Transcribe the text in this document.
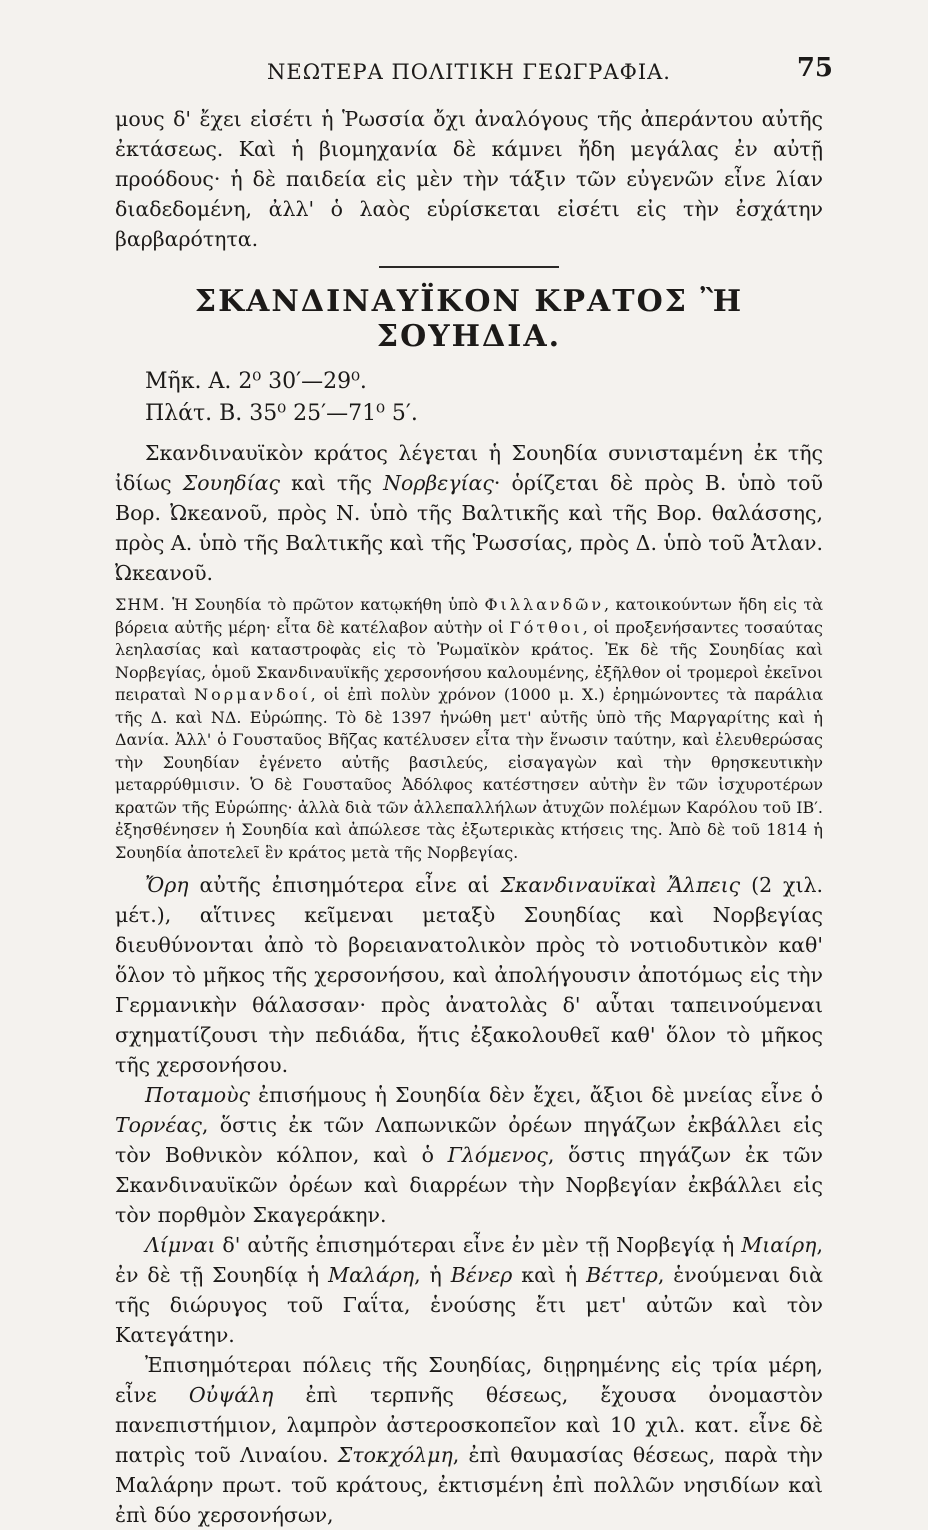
ΝΕΩΤΕΡΑ ΠΟΛΙΤΙΚΗ ΓΕΩΓΡΑΦΙΑ.	75

μους δ' ἔχει εἰσέτι ἡ Ῥωσσία ὄχι ἀναλόγους τῆς ἀπεράντου αὐτῆς ἐκτάσεως. Καὶ ἡ βιομηχανία δὲ κάμνει ἤδη μεγάλας ἐν αὐτῇ προόδους· ἡ δὲ παιδεία εἰς μὲν τὴν τάξιν τῶν εὐγενῶν εἶνε λίαν διαδεδομένη, ἀλλ' ὁ λαὸς εὑρίσκεται εἰσέτι εἰς τὴν ἐσχάτην βαρβαρότητα.

ΣΚΑΝΔΙΝΑΥΪΚΟΝ ΚΡΑΤΟΣ Ἢ ΣΟΥΗΔΙΑ.
Μῆκ. Α. 2⁰ 30′—29⁰.
Πλάτ. Β. 35⁰ 25′—71⁰ 5′.

Σκανδιναυϊκὸν κράτος λέγεται ἡ Σουηδία συνισταμένη ἐκ τῆς ἰδίως Σουηδίας καὶ τῆς Νορβεγίας· ὁρίζεται δὲ πρὸς Β. ὑπὸ τοῦ Βορ. Ὠκεανοῦ, πρὸς Ν. ὑπὸ τῆς Βαλτικῆς καὶ τῆς Βορ. θαλάσσης, πρὸς Α. ὑπὸ τῆς Βαλτικῆς καὶ τῆς Ῥωσσίας, πρὸς Δ. ὑπὸ τοῦ Ἀτλαν. Ὠκεανοῦ.

ΣΗΜ. Ἡ Σουηδία τὸ πρῶτον κατῳκήθη ὑπὸ Φιλλανδῶν, κατοικούντων ἤδη εἰς τὰ βόρεια αὐτῆς μέρη· εἶτα δὲ κατέλαβον αὐτὴν οἱ Γότθοι, οἱ προξενήσαντες τοσαύτας λεηλασίας καὶ καταστροφὰς εἰς τὸ Ῥωμαϊκὸν κράτος. Ἐκ δὲ τῆς Σουηδίας καὶ Νορβεγίας, ὁμοῦ Σκανδιναυϊκῆς χερσονήσου καλουμένης, ἐξῆλθον οἱ τρομεροὶ ἐκεῖνοι πειραταὶ Νορμανδοί, οἱ ἐπὶ πολὺν χρόνον (1000 μ. Χ.) ἐρημώνοντες τὰ παράλια τῆς Δ. καὶ ΝΔ. Εὐρώπης. Τὸ δὲ 1397 ἡνώθη μετ' αὐτῆς ὑπὸ τῆς Μαργαρίτης καὶ ἡ Δανία. Ἀλλ' ὁ Γουσταῦος Βῆζας κατέλυσεν εἶτα τὴν ἕνωσιν ταύτην, καὶ ἐλευθερώσας τὴν Σουηδίαν ἐγένετο αὐτῆς βασιλεύς, εἰσαγαγὼν καὶ τὴν θρησκευτικὴν μεταρρύθμισιν. Ὁ δὲ Γουσταῦος Ἀδόλφος κατέστησεν αὐτὴν ἓν τῶν ἰσχυροτέρων κρατῶν τῆς Εὐρώπης· ἀλλὰ διὰ τῶν ἀλλεπαλλήλων ἀτυχῶν πολέμων Καρόλου τοῦ ΙΒ′. ἐξησθένησεν ἡ Σουηδία καὶ ἀπώλεσε τὰς ἐξωτερικὰς κτήσεις της. Ἀπὸ δὲ τοῦ 1814 ἡ Σουηδία ἀποτελεῖ ἓν κράτος μετὰ τῆς Νορβεγίας.

Ὄρη αὐτῆς ἐπισημότερα εἶνε αἱ Σκανδιναυϊκαὶ Ἄλπεις (2 χιλ. μέτ.), αἵτινες κεῖμεναι μεταξὺ Σουηδίας καὶ Νορβεγίας διευθύνονται ἀπὸ τὸ βορειανατολικὸν πρὸς τὸ νοτιοδυτικὸν καθ' ὅλον τὸ μῆκος τῆς χερσονήσου, καὶ ἀπολήγουσιν ἀποτόμως εἰς τὴν Γερμανικὴν θάλασσαν· πρὸς ἀνατολὰς δ' αὗται ταπεινούμεναι σχηματίζουσι τὴν πεδιάδα, ἥτις ἐξακολουθεῖ καθ' ὅλον τὸ μῆκος τῆς χερσονήσου.

Ποταμοὺς ἐπισήμους ἡ Σουηδία δὲν ἔχει, ἄξιοι δὲ μνείας εἶνε ὁ Τορνέας, ὅστις ἐκ τῶν Λαπωνικῶν ὀρέων πηγάζων ἐκβάλλει εἰς τὸν Βοθνικὸν κόλπον, καὶ ὁ Γλόμενος, ὅστις πηγάζων ἐκ τῶν Σκανδιναυϊκῶν ὀρέων καὶ διαρρέων τὴν Νορβεγίαν ἐκβάλλει εἰς τὸν πορθμὸν Σκαγεράκην.

Λίμναι δ' αὐτῆς ἐπισημότεραι εἶνε ἐν μὲν τῇ Νορβεγίᾳ ἡ Μιαίρη, ἐν δὲ τῇ Σουηδίᾳ ἡ Μαλάρη, ἡ Βένερ καὶ ἡ Βέττερ, ἑνούμεναι διὰ τῆς διώρυγος τοῦ Γαΐτα, ἑνούσης ἔτι μετ' αὐτῶν καὶ τὸν Κατεγάτην.

Ἐπισημότεραι πόλεις τῆς Σουηδίας, διῃρημένης εἰς τρία μέρη, εἶνε Οὐψάλη ἐπὶ τερπνῆς θέσεως, ἔχουσα ὀνομαστὸν πανεπιστήμιον, λαμπρὸν ἀστεροσκοπεῖον καὶ 10 χιλ. κατ. εἶνε δὲ πατρὶς τοῦ Λιναίου. Στοκχόλμη, ἐπὶ θαυμασίας θέσεως, παρὰ τὴν Μαλάρην πρωτ. τοῦ κράτους, ἐκτισμένη ἐπὶ πολλῶν νησιδίων καὶ ἐπὶ δύο χερσονήσων,
